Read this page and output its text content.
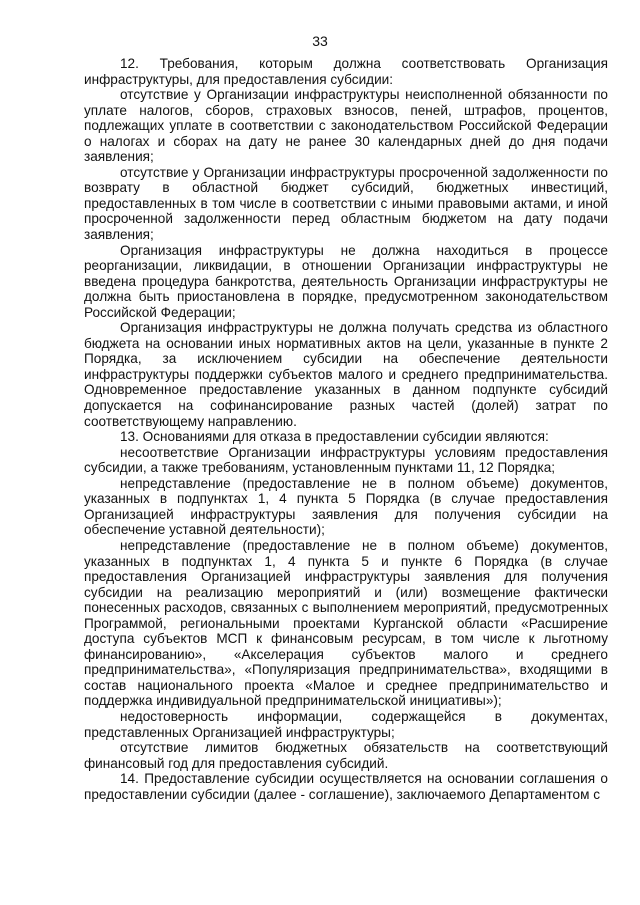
33

12. Требования, которым должна соответствовать Организация инфраструктуры, для предоставления субсидии:

отсутствие у Организации инфраструктуры неисполненной обязанности по уплате налогов, сборов, страховых взносов, пеней, штрафов, процентов, подлежащих уплате в соответствии с законодательством Российской Федерации о налогах и сборах на дату не ранее 30 календарных дней до дня подачи заявления;

отсутствие у Организации инфраструктуры просроченной задолженности по возврату в областной бюджет субсидий, бюджетных инвестиций, предоставленных в том числе в соответствии с иными правовыми актами, и иной просроченной задолженности перед областным бюджетом на дату подачи заявления;

Организация инфраструктуры не должна находиться в процессе реорганизации, ликвидации, в отношении Организации инфраструктуры не введена процедура банкротства, деятельность Организации инфраструктуры не должна быть приостановлена в порядке, предусмотренном законодательством Российской Федерации;

Организация инфраструктуры не должна получать средства из областного бюджета на основании иных нормативных актов на цели, указанные в пункте 2 Порядка, за исключением субсидии на обеспечение деятельности инфраструктуры поддержки субъектов малого и среднего предпринимательства. Одновременное предоставление указанных в данном подпункте субсидий допускается на софинансирование разных частей (долей) затрат по соответствующему направлению.

13. Основаниями для отказа в предоставлении субсидии являются:

несоответствие Организации инфраструктуры условиям предоставления субсидии, а также требованиям, установленным пунктами 11, 12 Порядка;

непредставление (предоставление не в полном объеме) документов, указанных в подпунктах 1, 4 пункта 5 Порядка (в случае предоставления Организацией инфраструктуры заявления для получения субсидии на обеспечение уставной деятельности);

непредставление (предоставление не в полном объеме) документов, указанных в подпунктах 1, 4 пункта 5 и пункте 6 Порядка (в случае предоставления Организацией инфраструктуры заявления для получения субсидии на реализацию мероприятий и (или) возмещение фактически понесенных расходов, связанных с выполнением мероприятий, предусмотренных Программой, региональными проектами Курганской области «Расширение доступа субъектов МСП к финансовым ресурсам, в том числе к льготному финансированию», «Акселерация субъектов малого и среднего предпринимательства», «Популяризация предпринимательства», входящими в состав национального проекта «Малое и среднее предпринимательство и поддержка индивидуальной предпринимательской инициативы»);

недостоверность информации, содержащейся в документах, представленных Организацией инфраструктуры;

отсутствие лимитов бюджетных обязательств на соответствующий финансовый год для предоставления субсидий.

14. Предоставление субсидии осуществляется на основании соглашения о предоставлении субсидии (далее - соглашение), заключаемого Департаментом с
